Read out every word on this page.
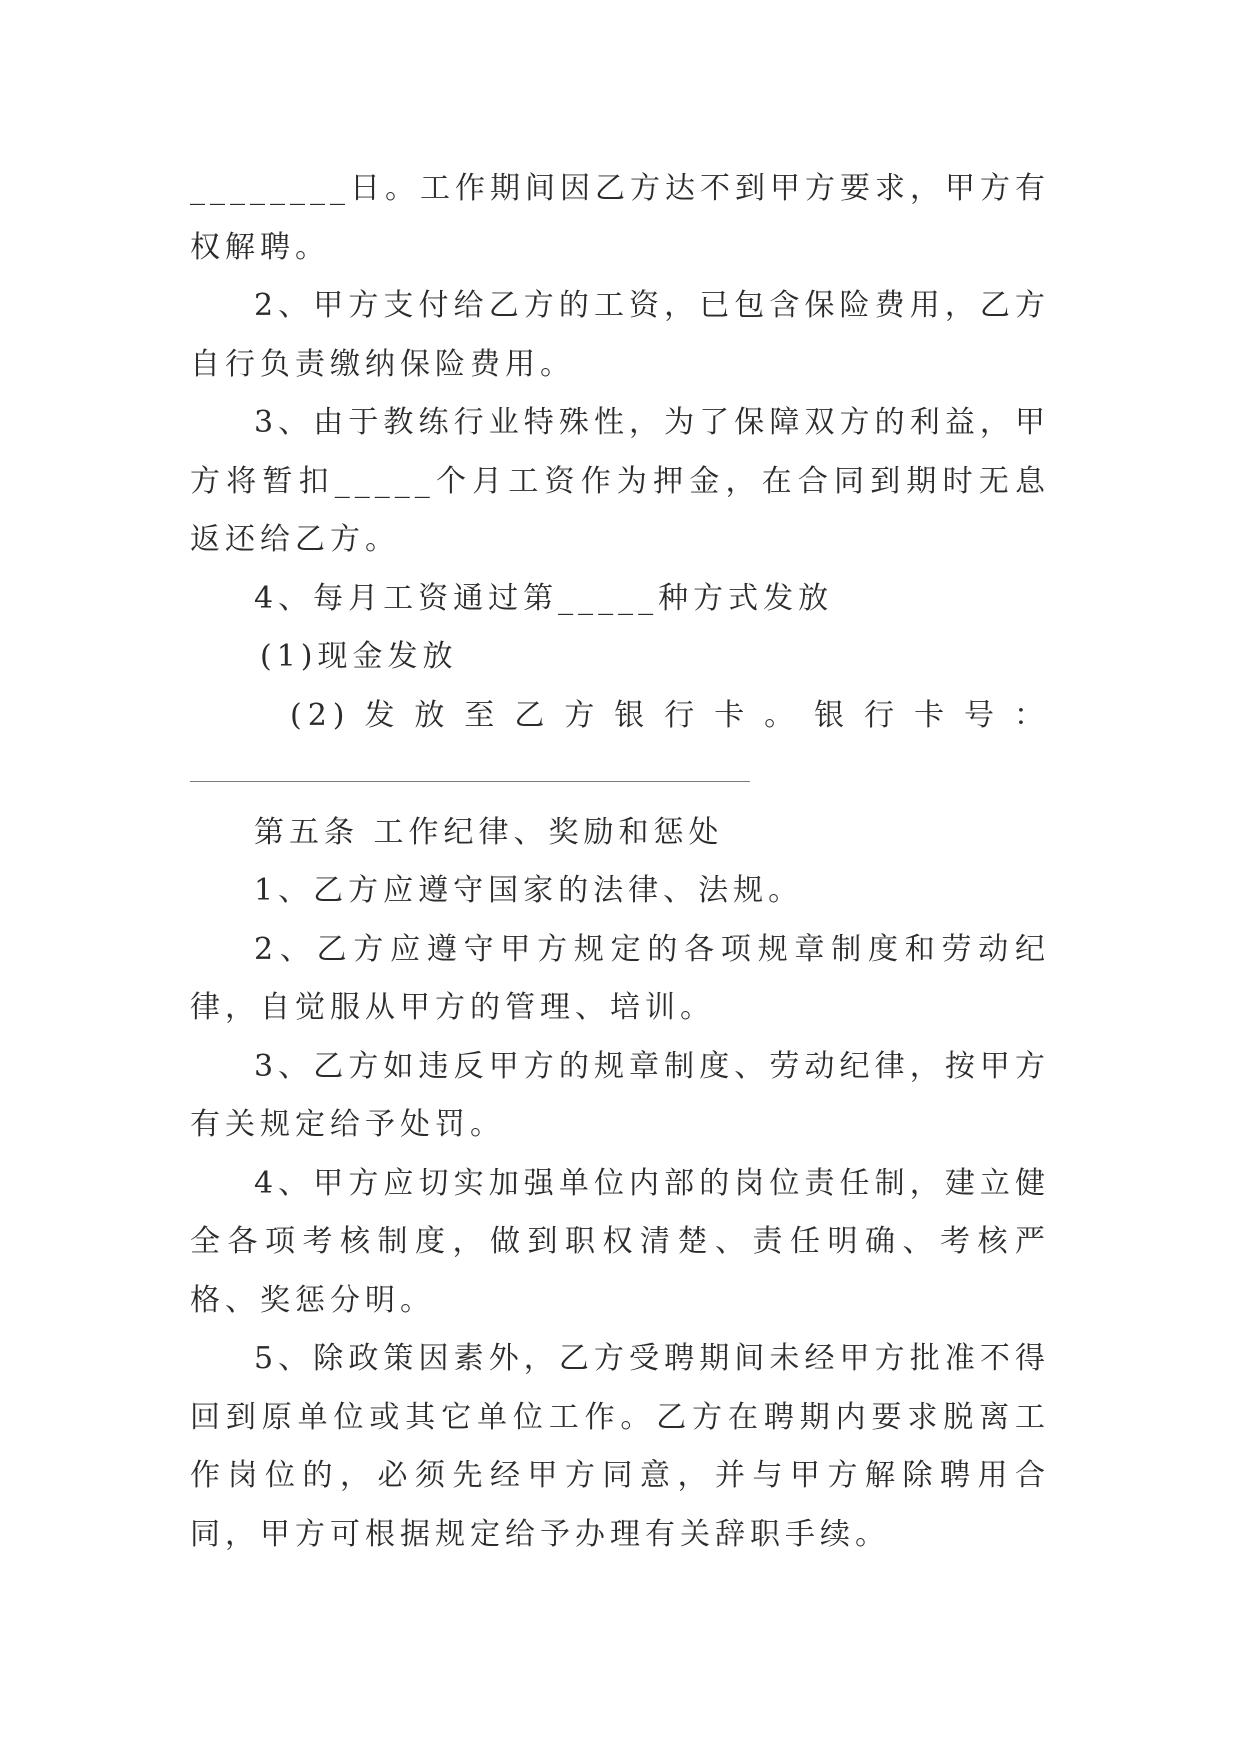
________日。工作期间因乙方达不到甲方要求，甲方有权解聘。

2、甲方支付给乙方的工资，已包含保险费用，乙方自行负责缴纳保险费用。

3、由于教练行业特殊性，为了保障双方的利益，甲方将暂扣_____个月工资作为押金，在合同到期时无息返还给乙方。

4、每月工资通过第_____种方式发放

(1)现金发放

(2)发放至乙方银行卡。银行卡号：

第五条 工作纪律、奖励和惩处

1、乙方应遵守国家的法律、法规。

2、乙方应遵守甲方规定的各项规章制度和劳动纪律，自觉服从甲方的管理、培训。

3、乙方如违反甲方的规章制度、劳动纪律，按甲方有关规定给予处罚。

4、甲方应切实加强单位内部的岗位责任制，建立健全各项考核制度，做到职权清楚、责任明确、考核严格、奖惩分明。

5、除政策因素外，乙方受聘期间未经甲方批准不得回到原单位或其它单位工作。乙方在聘期内要求脱离工作岗位的，必须先经甲方同意，并与甲方解除聘用合同，甲方可根据规定给予办理有关辞职手续。
